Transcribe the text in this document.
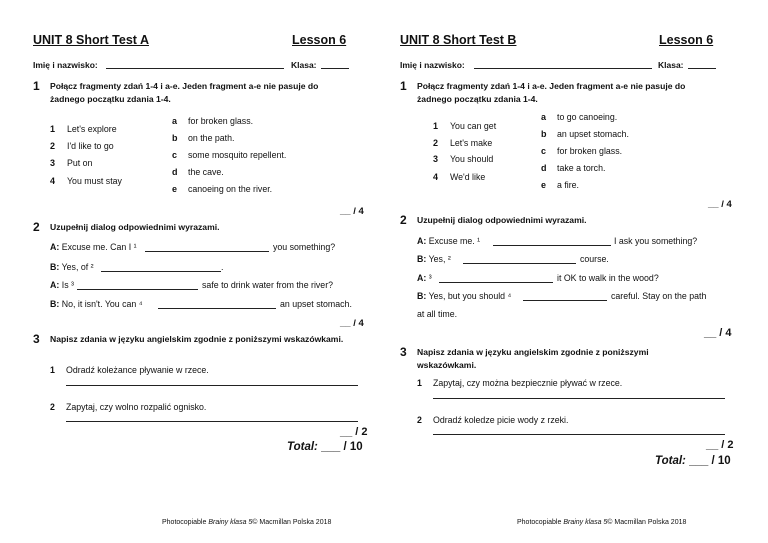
UNIT 8 Short Test A	Lesson 6
Imię i nazwisko:	Klasa:
1 Połącz fragmenty zdań 1-4 i a-e. Jeden fragment a-e nie pasuje do żadnego początku zdania 1-4.
1 Let's explore
2 I'd like to go
3 Put on
4 You must stay
a for broken glass.
b on the path.
c some mosquito repellent.
d the cave.
e canoeing on the river.
__ / 4
2 Uzupełnij dialog odpowiednimi wyrazami.
A: Excuse me. Can I ¹	you something?
B: Yes, of ²	.
A: Is ³	safe to drink water from the river?
B: No, it isn't. You can ⁴	an upset stomach.
__ / 4
3 Napisz zdania w języku angielskim zgodnie z poniższymi wskazówkami.
1 Odradź koleżance pływanie w rzece.
2 Zapytaj, czy wolno rozpalić ognisko.
__ / 2
Total: ___ / 10
Photocopiable Brainy klasa 5© Macmillan Polska 2018
UNIT 8 Short Test B	Lesson 6
Imię i nazwisko:	Klasa:
1 Połącz fragmenty zdań 1-4 i a-e. Jeden fragment a-e nie pasuje do żadnego początku zdania 1-4.
1 You can get
2 Let's make
3 You should
4 We'd like
a to go canoeing.
b an upset stomach.
c for broken glass.
d take a torch.
e a fire.
__ / 4
2 Uzupełnij dialog odpowiednimi wyrazami.
A: Excuse me. ¹	I ask you something?
B: Yes, ²	course.
A: ³	it OK to walk in the wood?
B: Yes, but you should ⁴	careful. Stay on the path
at all time.
__ / 4
3 Napisz zdania w języku angielskim zgodnie z poniższymi wskazówkami.
1 Zapytaj, czy można bezpiecznie pływać w rzece.
2 Odradź koledze picie wody z rzeki.
__ / 2
Total: ___ / 10
Photocopiable Brainy klasa 5© Macmillan Polska 2018
